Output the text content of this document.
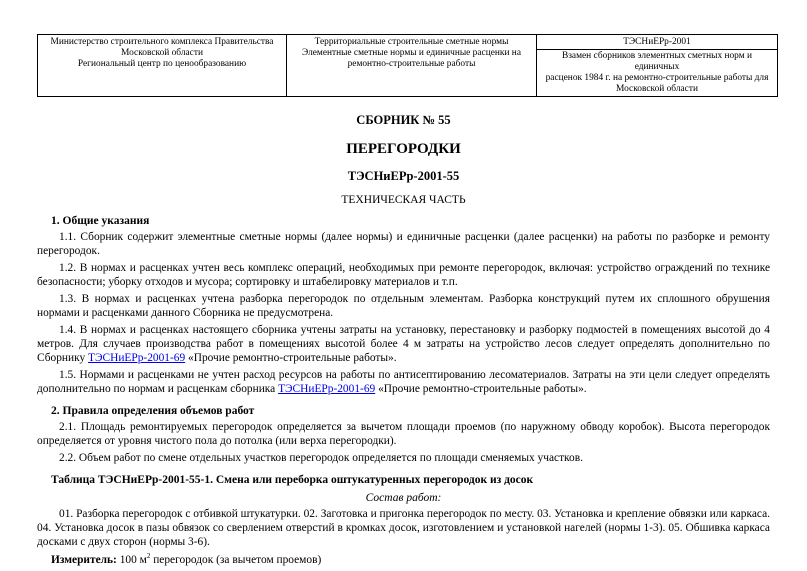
Министерство строительного комплекса Правительства
Московской области
Региональный центр по ценообразованию

Территориальные строительные сметные нормы
Элементные сметные нормы и единичные расценки на
ремонтно-строительные работы

ТЭСНиЕРр-2001
Взамен сборников элементных сметных норм и единичных
расценок 1984 г. на ремонтно-строительные работы для
Московской области
СБОРНИК № 55
ПЕРЕГОРОДКИ
ТЭСНиЕРр-2001-55
ТЕХНИЧЕСКАЯ ЧАСТЬ
1. Общие указания

1.1. Сборник содержит элементные сметные нормы (далее нормы) и единичные расценки (далее расценки) на работы по разборке и ремонту перегородок.

1.2. В нормах и расценках учтен весь комплекс операций, необходимых при ремонте перегородок, включая: устройство ограждений по технике безопасности; уборку отходов и мусора; сортировку и штабелировку материалов и т.п.

1.3. В нормах и расценках учтена разборка перегородок по отдельным элементам. Разборка конструкций путем их сплошного обрушения нормами и расценками данного Сборника не предусмотрена.

1.4. В нормах и расценках настоящего сборника учтены затраты на установку, перестановку и разборку подмостей в помещениях высотой до 4 метров. Для случаев производства работ в помещениях высотой более 4 м затраты на устройство лесов следует определять дополнительно по Сборнику ТЭСНиЕРр-2001-69 «Прочие ремонтно-строительные работы».

1.5. Нормами и расценками не учтен расход ресурсов на работы по антисептированию лесоматериалов. Затраты на эти цели следует определять дополнительно по нормам и расценкам сборника ТЭСНиЕРр-2001-69 «Прочие ремонтно-строительные работы».

2. Правила определения объемов работ

2.1. Площадь ремонтируемых перегородок определяется за вычетом площади проемов (по наружному обводу коробок). Высота перегородок определяется от уровня чистого пола до потолка (или верха перегородки).

2.2. Объем работ по смене отдельных участков перегородок определяется по площади сменяемых участков.

Таблица ТЭСНиЕРр-2001-55-1. Смена или переборка оштукатуренных перегородок из досок
Состав работ:

01. Разборка перегородок с отбивкой штукатурки. 02. Заготовка и пригонка перегородок по месту. 03. Установка и крепление обвязки или каркаса. 04. Установка досок в пазы обвязок со сверлением отверстий в кромках досок, изготовлением и установкой нагелей (нормы 1-3). 05. Обшивка каркаса досками с двух сторон (нормы 3-6).

Измеритель: 100 $м^2$ перегородок (за вычетом проемов)
